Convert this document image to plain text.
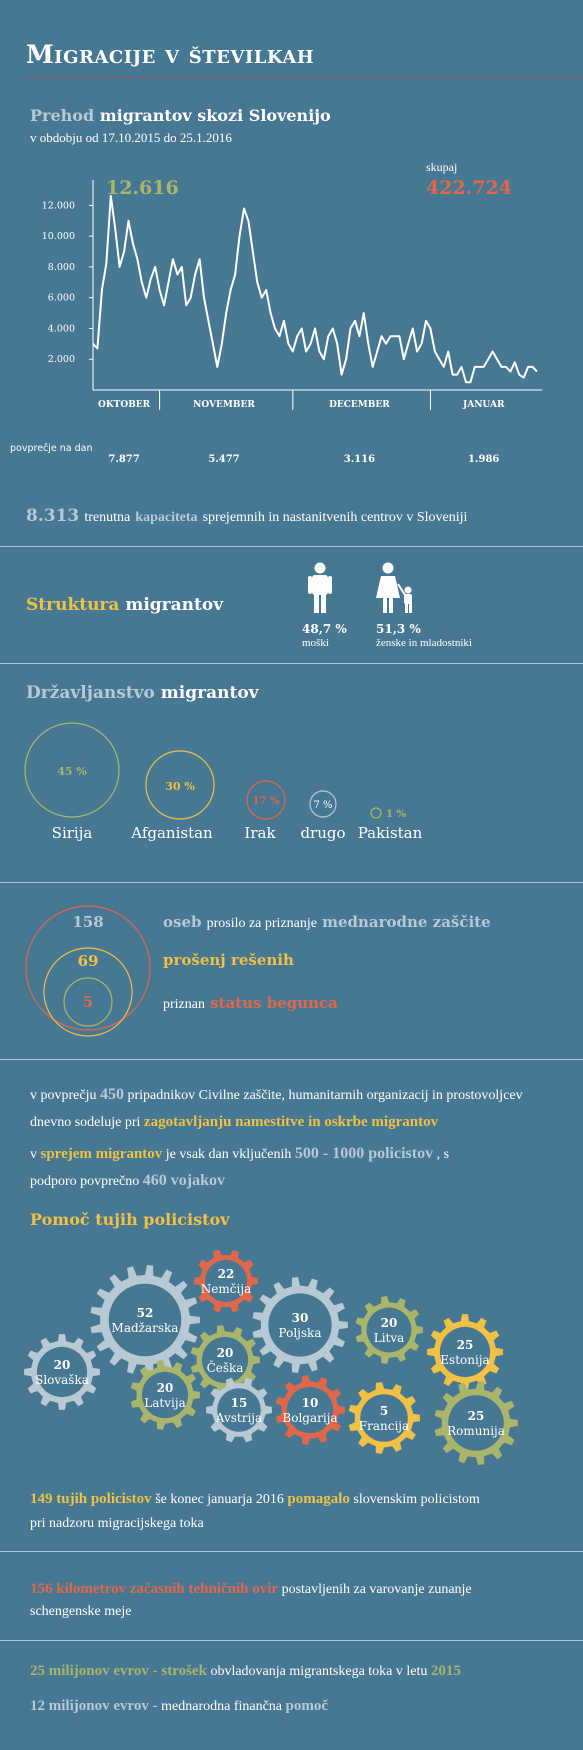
Migracije v številkah
Prehod migrantov skozi Slovenijo
v obdobju od 17.10.2015 do 25.1.2016
12.616
skupaj
422.724
12.000
10.000
8.000
6.000
4.000
2.000
OKTOBER
7.877
NOVEMBER
5.477
DECEMBER
3.116
JANUAR
1.986
povprečje na dan
8.313 trenutna kapaciteta sprejemnih in nastanitvenih centrov v Sloveniji
Struktura migrantov
48,7 %
moški
51,3 %
ženske in mladostniki
Državljanstvo migrantov
45 %
Sirija
30 %
Afganistan
17 %
Irak
7 %
drugo
1 %
Pakistan
158
69
5
oseb prosilo za priznanje mednarodne zaščite
prošenj rešenih
priznan status begunca
v povprečju 450 pripadnikov Civilne zaščite, humanitarnih organizacij in prostovoljcev
dnevno sodeluje pri zagotavljanju namestitve in oskrbe migrantov
v sprejem migrantov je vsak dan vključenih 500 - 1000 policistov , s
podporo povprečno 460 vojakov
Pomoč tujih policistov
52
Madžarska
22
Nemčija
30
Poljska
20
Litva	25
Estonija
20
Slovaška
20
Češka
20
Latvija	15
Avstrija
10
Bolgarija	5
Francija
25
Romunija
149 tujih policistov še konec januarja 2016 pomagalo slovenskim policistom
pri nadzoru migracijskega toka
156 kilometrov začasnih tehničnih ovir postavljenih za varovanje zunanje
schengenske meje
25 milijonov evrov - strošek obvladovanja migrantskega toka v letu 2015
12 milijonov evrov - mednarodna finančna pomoč
